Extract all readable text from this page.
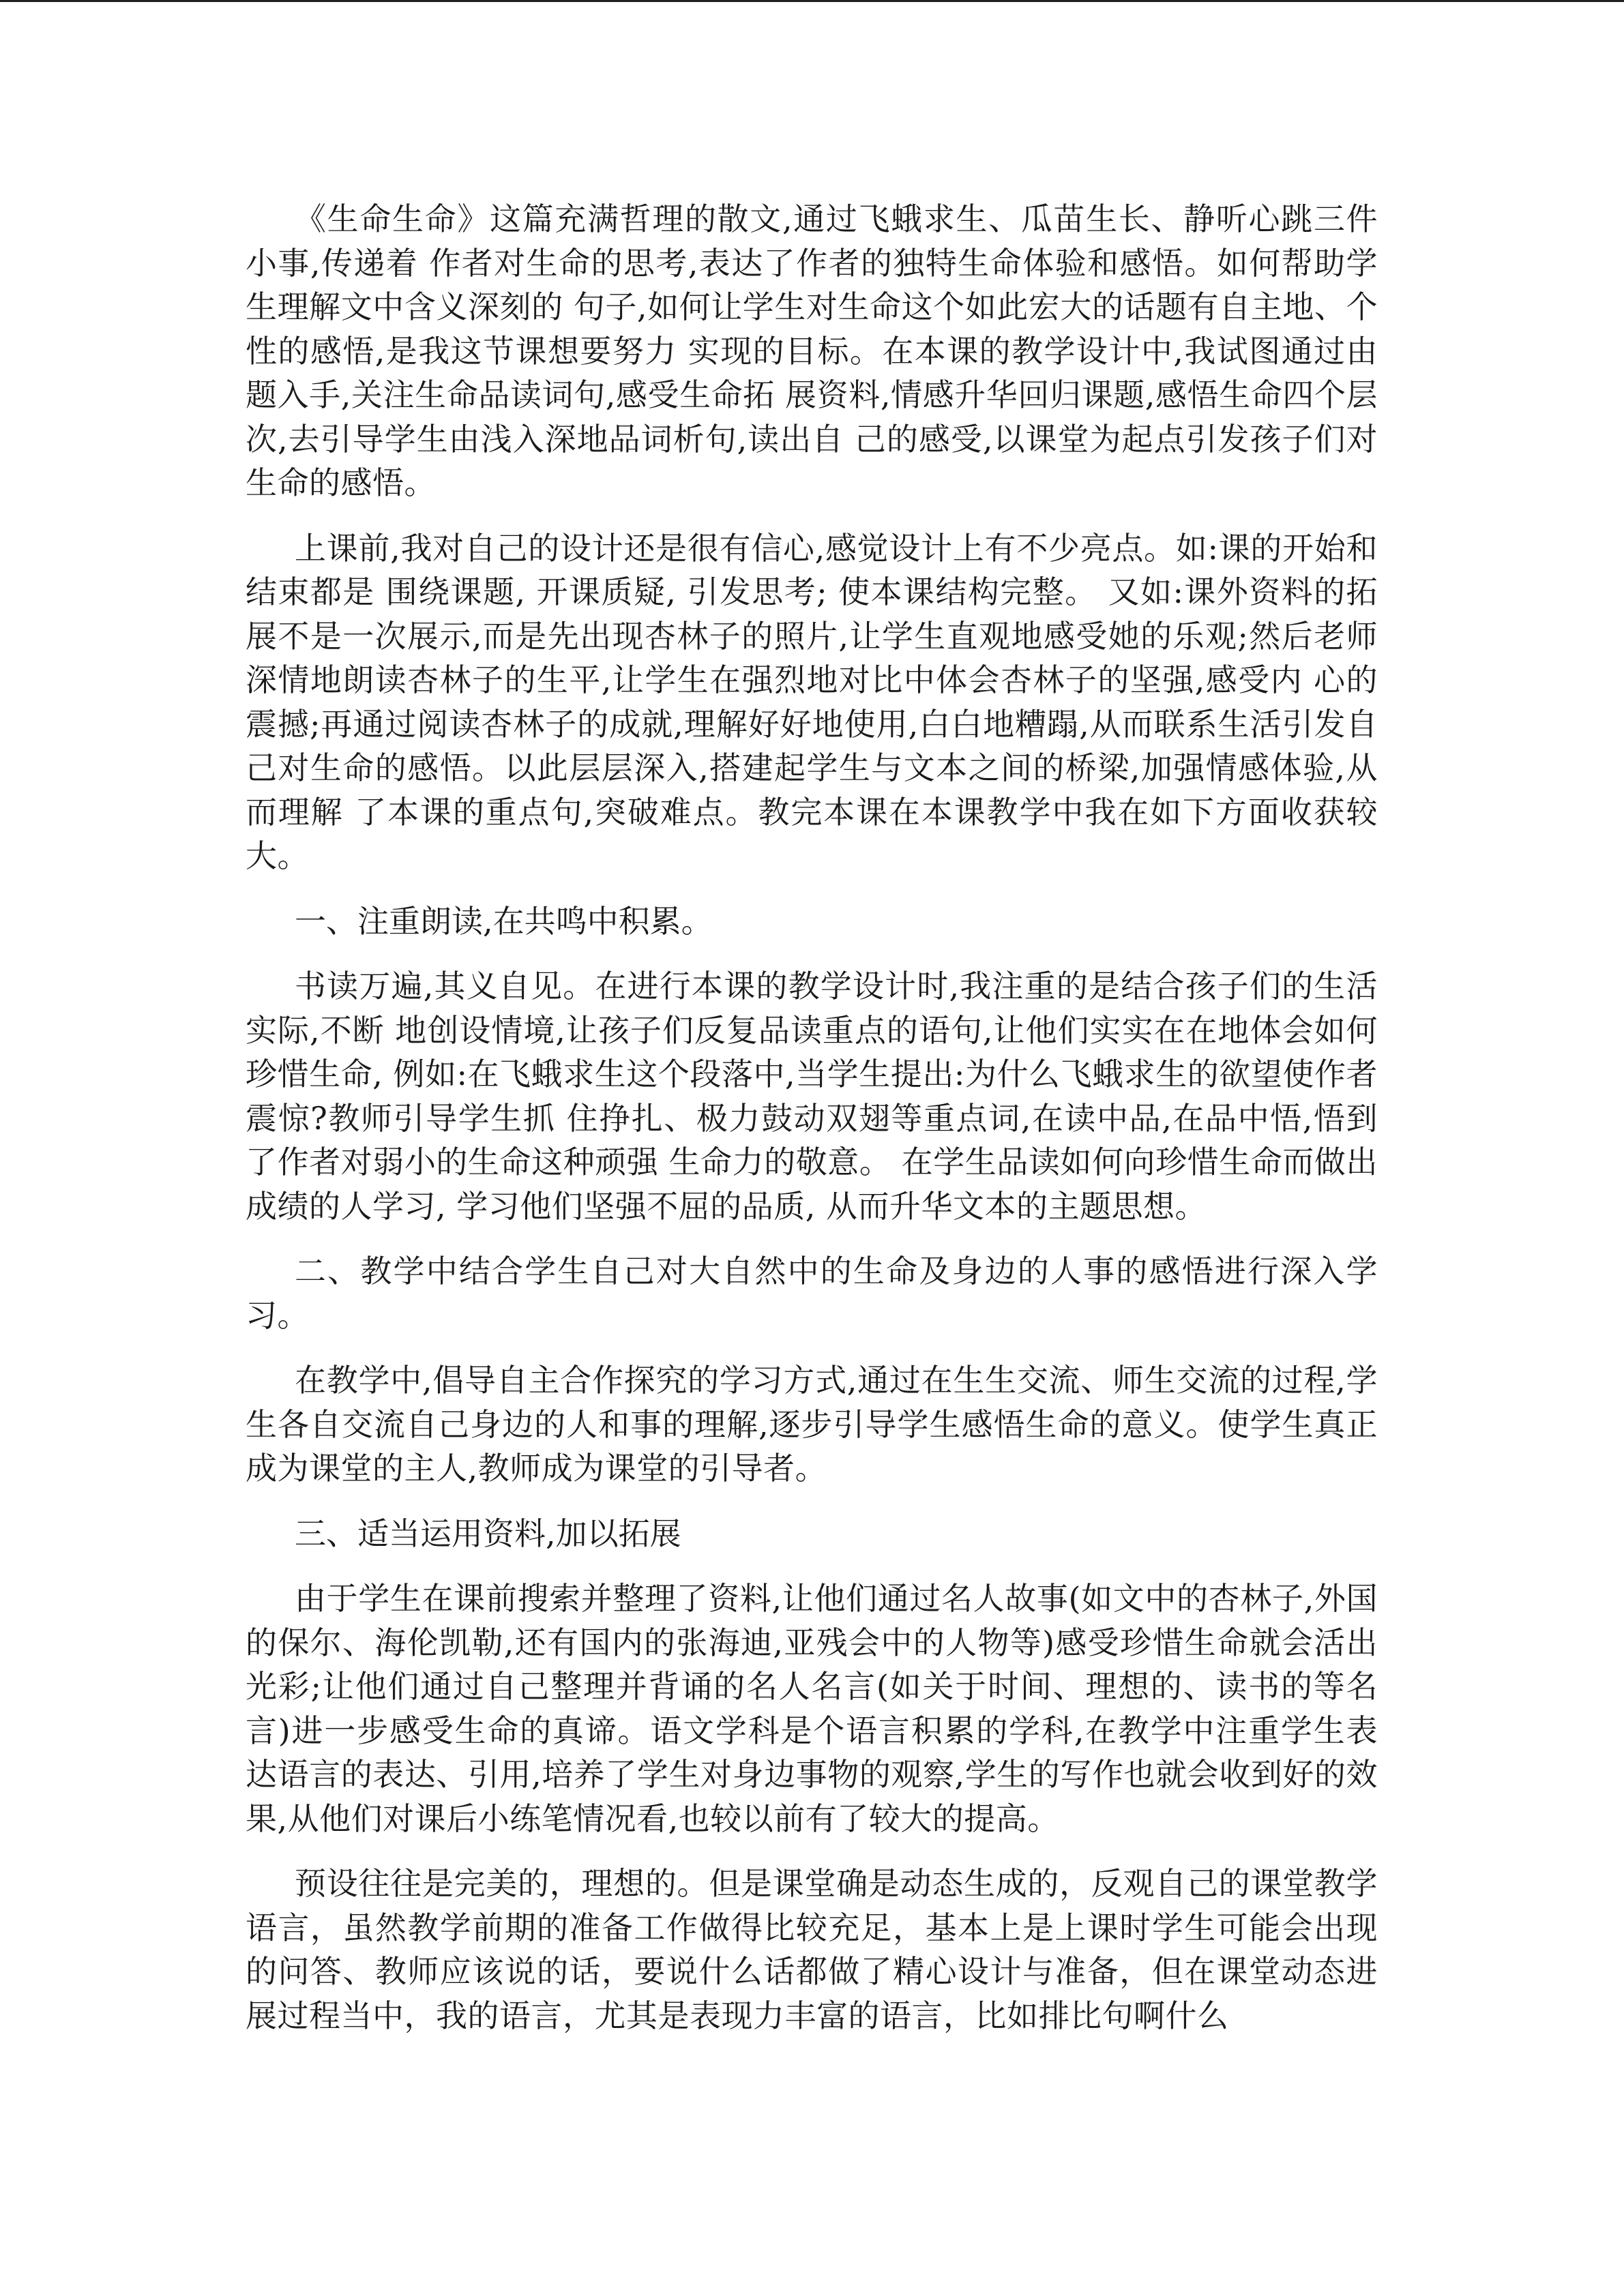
《生命生命》这篇充满哲理的散文,通过飞蛾求生、瓜苗生长、静听心跳三件小事,传递着 作者对生命的思考,表达了作者的独特生命体验和感悟。如何帮助学生理解文中含义深刻的 句子,如何让学生对生命这个如此宏大的话题有自主地、个性的感悟,是我这节课想要努力 实现的目标。在本课的教学设计中,我试图通过由题入手,关注生命品读词句,感受生命拓 展资料,情感升华回归课题,感悟生命四个层次,去引导学生由浅入深地品词析句,读出自 己的感受,以课堂为起点引发孩子们对生命的感悟。

上课前,我对自己的设计还是很有信心,感觉设计上有不少亮点。如:课的开始和结束都是 围绕课题, 开课质疑, 引发思考; 使本课结构完整。 又如:课外资料的拓展不是一次展示,而是先出现杏林子的照片,让学生直观地感受她的乐观;然后老师深情地朗读杏林子的生平,让学生在强烈地对比中体会杏林子的坚强,感受内 心的震撼;再通过阅读杏林子的成就,理解好好地使用,白白地糟蹋,从而联系生活引发自 己对生命的感悟。以此层层深入,搭建起学生与文本之间的桥梁,加强情感体验,从而理解 了本课的重点句,突破难点。教完本课在本课教学中我在如下方面收获较大。

一、注重朗读,在共鸣中积累。

书读万遍,其义自见。在进行本课的教学设计时,我注重的是结合孩子们的生活实际,不断 地创设情境,让孩子们反复品读重点的语句,让他们实实在在地体会如何珍惜生命, 例如:在飞蛾求生这个段落中,当学生提出:为什么飞蛾求生的欲望使作者震惊?教师引导学生抓 住挣扎、极力鼓动双翅等重点词,在读中品,在品中悟,悟到了作者对弱小的生命这种顽强 生命力的敬意。 在学生品读如何向珍惜生命而做出成绩的人学习, 学习他们坚强不屈的品质, 从而升华文本的主题思想。

二、教学中结合学生自己对大自然中的生命及身边的人事的感悟进行深入学习。

在教学中,倡导自主合作探究的学习方式,通过在生生交流、师生交流的过程,学生各自交流自己身边的人和事的理解,逐步引导学生感悟生命的意义。使学生真正成为课堂的主人,教师成为课堂的引导者。

三、适当运用资料,加以拓展

由于学生在课前搜索并整理了资料,让他们通过名人故事(如文中的杏林子,外国的保尔、海伦凯勒,还有国内的张海迪,亚残会中的人物等)感受珍惜生命就会活出光彩;让他们通过自己整理并背诵的名人名言(如关于时间、理想的、读书的等名言)进一步感受生命的真谛。语文学科是个语言积累的学科,在教学中注重学生表达语言的表达、引用,培养了学生对身边事物的观察,学生的写作也就会收到好的效果,从他们对课后小练笔情况看,也较以前有了较大的提高。

预设往往是完美的，理想的。但是课堂确是动态生成的，反观自己的课堂教学语言，虽然教学前期的准备工作做得比较充足，基本上是上课时学生可能会出现的问答、教师应该说的话，要说什么话都做了精心设计与准备，但在课堂动态进展过程当中，我的语言，尤其是表现力丰富的语言，比如排比句啊什么
